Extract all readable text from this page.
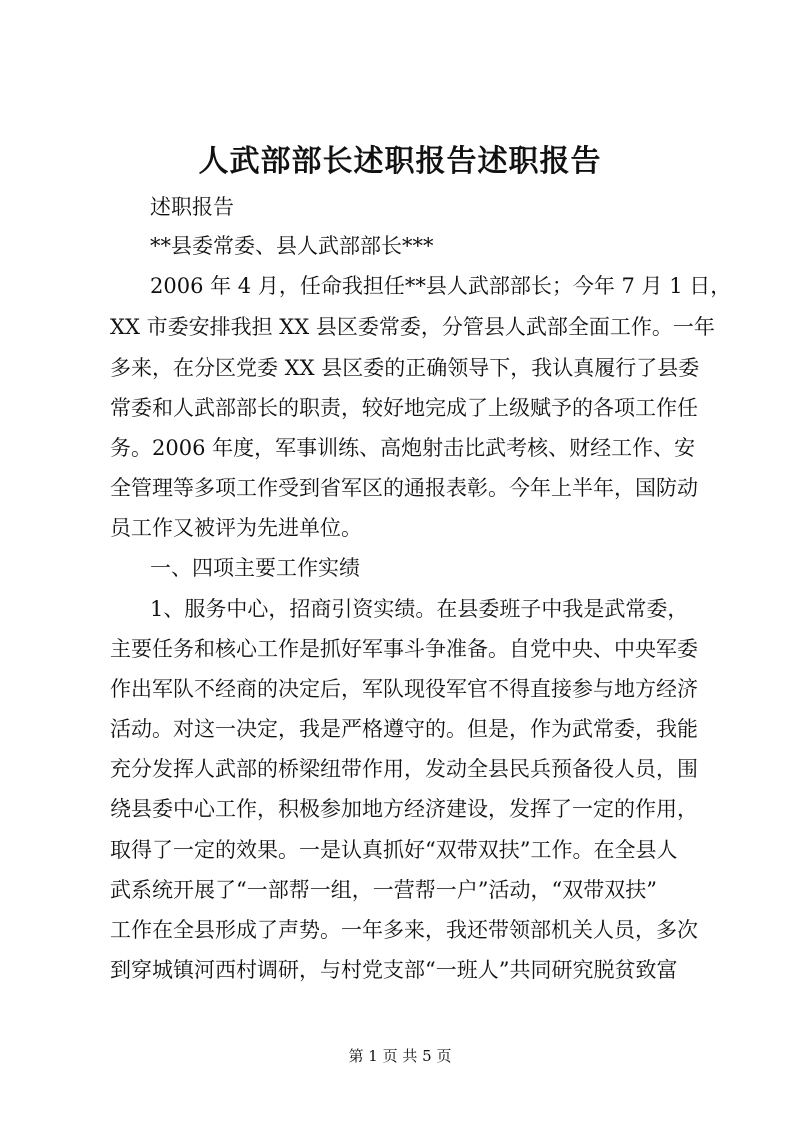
人武部部长述职报告述职报告
述职报告
**县委常委、县人武部部长***
2006 年 4 月，任命我担任**县人武部部长；今年 7 月 1 日，
XX 市委安排我担 XX 县区委常委，分管县人武部全面工作。一年
多来，在分区党委 XX 县区委的正确领导下，我认真履行了县委
常委和人武部部长的职责，较好地完成了上级赋予的各项工作任
务。2006 年度，军事训练、高炮射击比武考核、财经工作、安
全管理等多项工作受到省军区的通报表彰。今年上半年，国防动
员工作又被评为先进单位。
一、四项主要工作实绩
1、服务中心，招商引资实绩。在县委班子中我是武常委，
主要任务和核心工作是抓好军事斗争准备。自党中央、中央军委
作出军队不经商的决定后，军队现役军官不得直接参与地方经济
活动。对这一决定，我是严格遵守的。但是，作为武常委，我能
充分发挥人武部的桥梁纽带作用，发动全县民兵预备役人员，围
绕县委中心工作，积极参加地方经济建设，发挥了一定的作用，
取得了一定的效果。一是认真抓好“双带双扶”工作。在全县人
武系统开展了“一部帮一组，一营帮一户”活动，“双带双扶”
工作在全县形成了声势。一年多来，我还带领部机关人员，多次
到穿城镇河西村调研，与村党支部“一班人”共同研究脱贫致富
第 1 页 共 5 页
